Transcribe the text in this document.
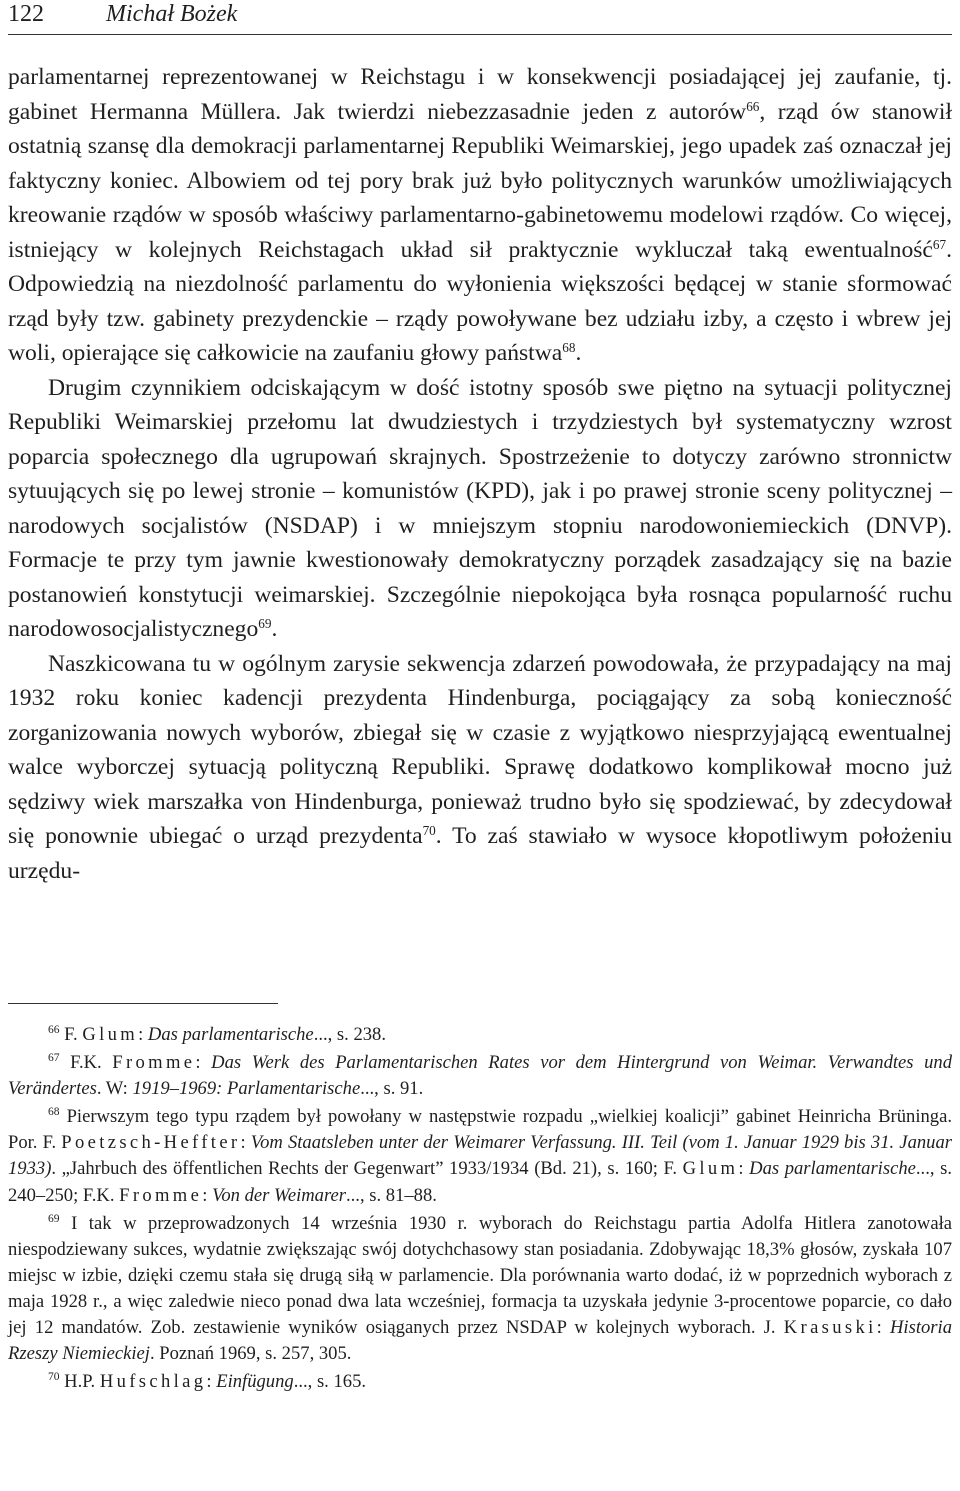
122	Michał Bożek

parlamentarnej reprezentowanej w Reichstagu i w konsekwencji posiadającej jej zaufanie, tj. gabinet Hermanna Müllera. Jak twierdzi niebezzasadnie jeden z autorów$^{66}$, rząd ów stanowił ostatnią szansę dla demokracji parlamentarnej Republiki Weimarskiej, jego upadek zaś oznaczał jej faktyczny koniec. Albowiem od tej pory brak już było politycznych warunków umożliwiających kreowanie rządów w sposób właściwy parlamentarno-gabinetowemu modelowi rządów. Co więcej, istniejący w kolejnych Reichstagach układ sił praktycznie wykluczał taką ewentualność$^{67}$. Odpowiedzią na niezdolność parlamentu do wyłonienia większości będącej w stanie sformować rząd były tzw. gabinety prezydenckie – rządy powoływane bez udziału izby, a często i wbrew jej woli, opierające się całkowicie na zaufaniu głowy państwa$^{68}$.

Drugim czynnikiem odciskającym w dość istotny sposób swe piętno na sytuacji politycznej Republiki Weimarskiej przełomu lat dwudziestych i trzydziestych był systematyczny wzrost poparcia społecznego dla ugrupowań skrajnych. Spostrzeżenie to dotyczy zarówno stronnictw sytuujących się po lewej stronie – komunistów (KPD), jak i po prawej stronie sceny politycznej – narodowych socjalistów (NSDAP) i w mniejszym stopniu narodowoniemieckich (DNVP). Formacje te przy tym jawnie kwestionowały demokratyczny porządek zasadzający się na bazie postanowień konstytucji weimarskiej. Szczególnie niepokojąca była rosnąca popularność ruchu narodowosocjalistycznego$^{69}$.

Naszkicowana tu w ogólnym zarysie sekwencja zdarzeń powodowała, że przypadający na maj 1932 roku koniec kadencji prezydenta Hindenburga, pociągający za sobą konieczność zorganizowania nowych wyborów, zbiegał się w czasie z wyjątkowo niesprzyjającą ewentualnej walce wyborczej sytuacją polityczną Republiki. Sprawę dodatkowo komplikował mocno już sędziwy wiek marszałka von Hindenburga, ponieważ trudno było się spodziewać, by zdecydował się ponownie ubiegać o urząd prezydenta$^{70}$. To zaś stawiało w wysoce kłopotliwym położeniu urzędu-

$^{66}$ F. Glum: Das parlamentarische..., s. 238.

$^{67}$ F.K. Fromme: Das Werk des Parlamentarischen Rates vor dem Hintergrund von Weimar. Verwandtes und Verändertes. W: 1919–1969: Parlamentarische..., s. 91.

$^{68}$ Pierwszym tego typu rządem był powołany w następstwie rozpadu „wielkiej koalicji” gabinet Heinricha Brüninga. Por. F. Poetzsch-Heffter: Vom Staatsleben unter der Weimarer Verfassung. III. Teil (vom 1. Januar 1929 bis 31. Januar 1933). „Jahrbuch des öffentlichen Rechts der Gegenwart” 1933/1934 (Bd. 21), s. 160; F. Glum: Das parlamentarische..., s. 240–250; F.K. Fromme: Von der Weimarer..., s. 81–88.

$^{69}$ I tak w przeprowadzonych 14 września 1930 r. wyborach do Reichstagu partia Adolfa Hitlera zanotowała niespodziewany sukces, wydatnie zwiększając swój dotychchasowy stan posiadania. Zdobywając 18,3% głosów, zyskała 107 miejsc w izbie, dzięki czemu stała się drugą siłą w parlamencie. Dla porównania warto dodać, iż w poprzednich wyborach z maja 1928 r., a więc zaledwie nieco ponad dwa lata wcześniej, formacja ta uzyskała jedynie 3-procentowe poparcie, co dało jej 12 mandatów. Zob. zestawienie wyników osiąganych przez NSDAP w kolejnych wyborach. J. Krasuski: Historia Rzeszy Niemieckiej. Poznań 1969, s. 257, 305.

$^{70}$ H.P. Hufschlag: Einfügung..., s. 165.
